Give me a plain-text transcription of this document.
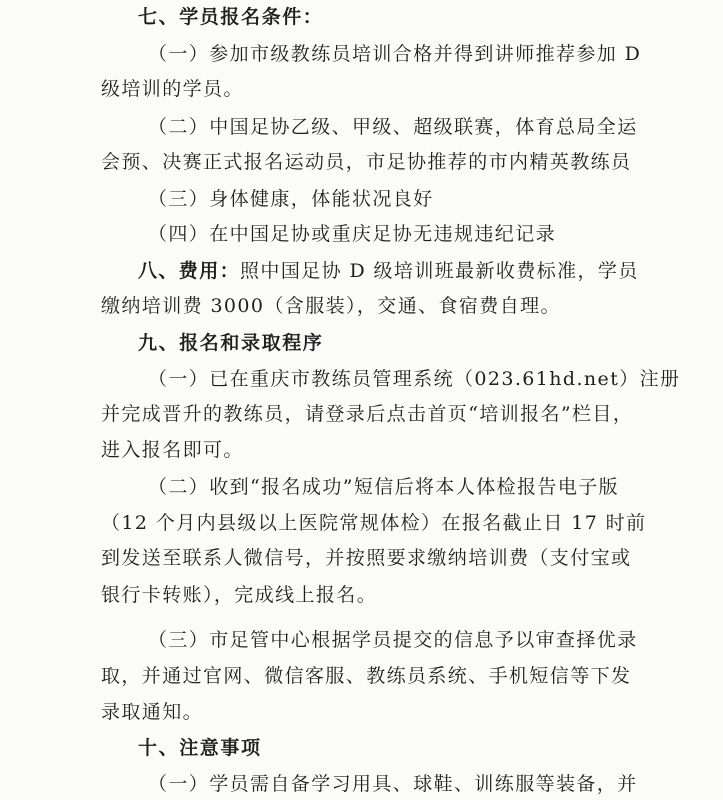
七、学员报名条件：
（一）参加市级教练员培训合格并得到讲师推荐参加 D
级培训的学员。
（二）中国足协乙级、甲级、超级联赛，体育总局全运
会预、决赛正式报名运动员，市足协推荐的市内精英教练员
（三）身体健康，体能状况良好
（四）在中国足协或重庆足协无违规违纪记录
八、费用：照中国足协 D 级培训班最新收费标准，学员
缴纳培训费 3000（含服装），交通、食宿费自理。
九、报名和录取程序
（一）已在重庆市教练员管理系统（023.61hd.net）注册
并完成晋升的教练员，请登录后点击首页“培训报名”栏目，
进入报名即可。
（二）收到“报名成功”短信后将本人体检报告电子版
（12 个月内县级以上医院常规体检）在报名截止日 17 时前
到发送至联系人微信号，并按照要求缴纳培训费（支付宝或
银行卡转账），完成线上报名。
（三）市足管中心根据学员提交的信息予以审查择优录
取，并通过官网、微信客服、教练员系统、手机短信等下发
录取通知。
十、注意事项
（一）学员需自备学习用具、球鞋、训练服等装备，并
